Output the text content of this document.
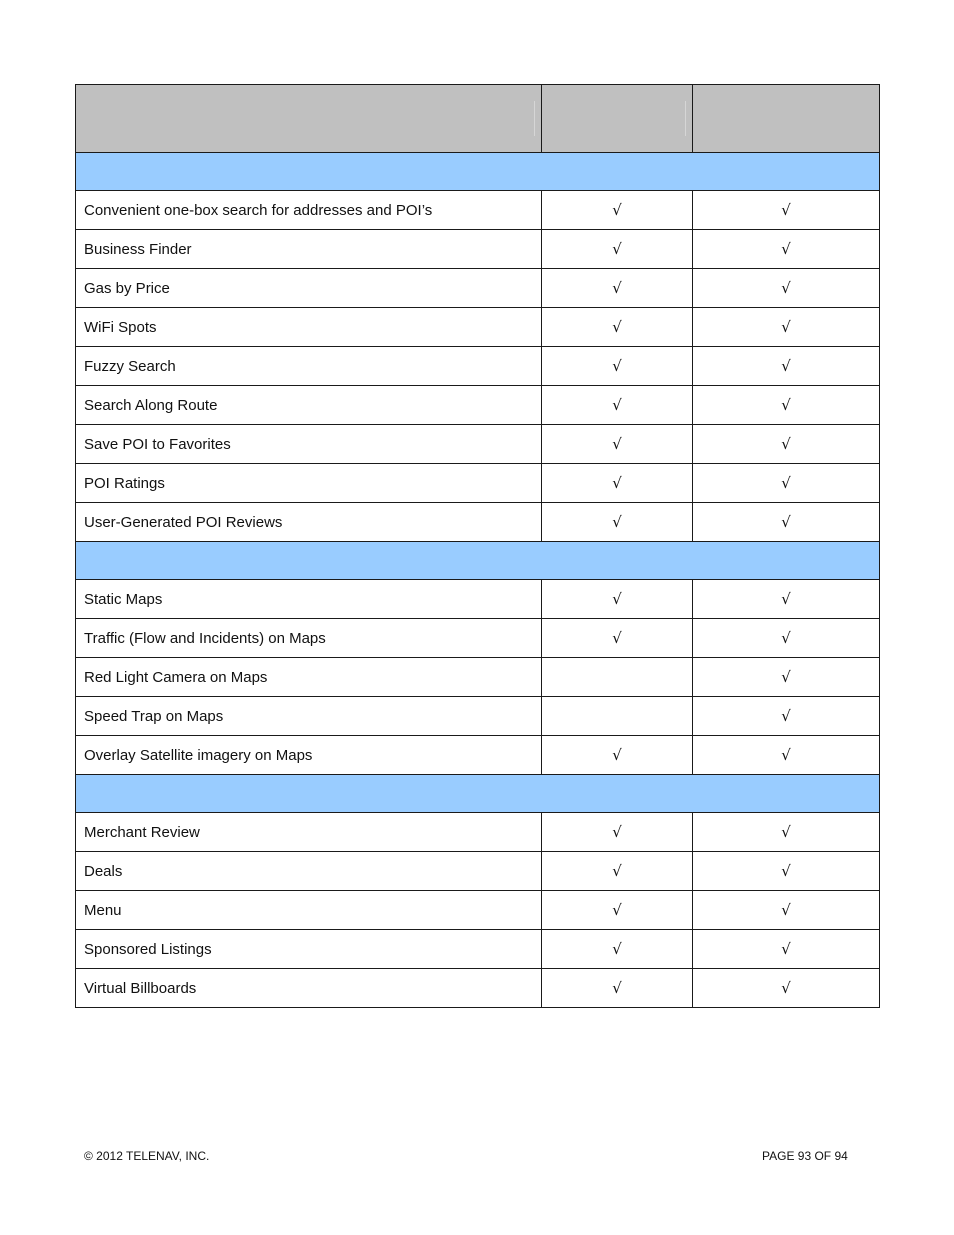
Convenient one-box search for addresses and POI’s	√	√
Business Finder	√	√
Gas by Price	√	√
WiFi Spots	√	√
Fuzzy Search	√	√
Search Along Route	√	√
Save POI to Favorites	√	√
POI Ratings	√	√
User-Generated POI Reviews	√	√

Static Maps	√	√
Traffic (Flow and Incidents) on Maps	√	√
Red Light Camera on Maps		√
Speed Trap on Maps		√
Overlay Satellite imagery on Maps	√	√

Merchant Review	√	√
Deals	√	√
Menu	√	√
Sponsored Listings	√	√
Virtual Billboards	√	√
© 2012 TELENAV, INC.	PAGE 93 OF 94
